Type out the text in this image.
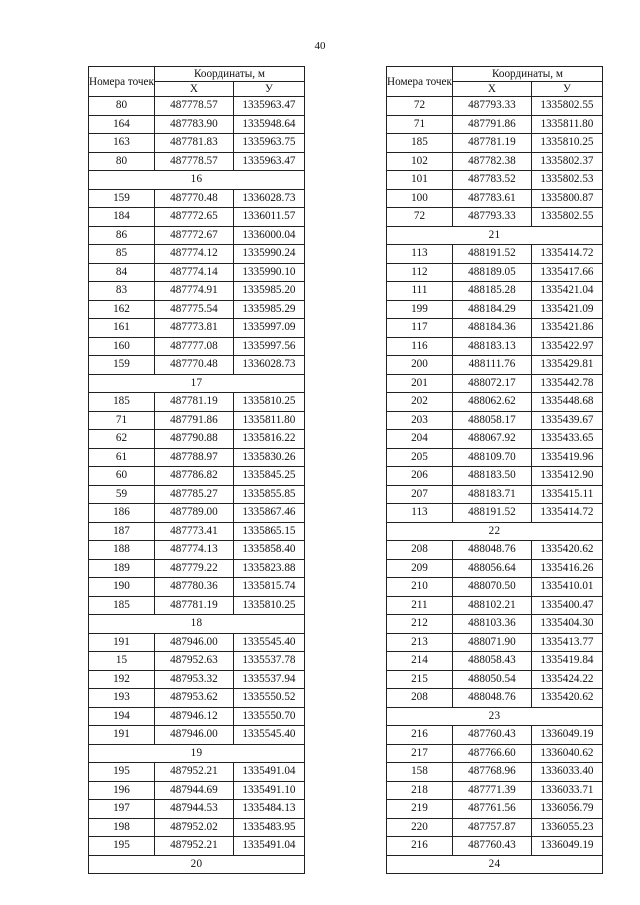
40
Номера точек	Координаты, м	
	Х	У
80	487778.57	1335963.47
164	487783.90	1335948.64
163	487781.83	1335963.75
80	487778.57	1335963.47
16		
159	487770.48	1336028.73
184	487772.65	1336011.57
86	487772.67	1336000.04
85	487774.12	1335990.24
84	487774.14	1335990.10
83	487774.91	1335985.20
162	487775.54	1335985.29
161	487773.81	1335997.09
160	487777.08	1335997.56
159	487770.48	1336028.73
17		
185	487781.19	1335810.25
71	487791.86	1335811.80
62	487790.88	1335816.22
61	487788.97	1335830.26
60	487786.82	1335845.25
59	487785.27	1335855.85
186	487789.00	1335867.46
187	487773.41	1335865.15
188	487774.13	1335858.40
189	487779.22	1335823.88
190	487780.36	1335815.74
185	487781.19	1335810.25
18		
191	487946.00	1335545.40
15	487952.63	1335537.78
192	487953.32	1335537.94
193	487953.62	1335550.52
194	487946.12	1335550.70
191	487946.00	1335545.40
19		
195	487952.21	1335491.04
196	487944.69	1335491.10
197	487944.53	1335484.13
198	487952.02	1335483.95
195	487952.21	1335491.04
20		
Номера точек	Координаты, м	
	Х	У
72	487793.33	1335802.55
71	487791.86	1335811.80
185	487781.19	1335810.25
102	487782.38	1335802.37
101	487783.52	1335802.53
100	487783.61	1335800.87
72	487793.33	1335802.55
21		
113	488191.52	1335414.72
112	488189.05	1335417.66
111	488185.28	1335421.04
199	488184.29	1335421.09
117	488184.36	1335421.86
116	488183.13	1335422.97
200	488111.76	1335429.81
201	488072.17	1335442.78
202	488062.62	1335448.68
203	488058.17	1335439.67
204	488067.92	1335433.65
205	488109.70	1335419.96
206	488183.50	1335412.90
207	488183.71	1335415.11
113	488191.52	1335414.72
22		
208	488048.76	1335420.62
209	488056.64	1335416.26
210	488070.50	1335410.01
211	488102.21	1335400.47
212	488103.36	1335404.30
213	488071.90	1335413.77
214	488058.43	1335419.84
215	488050.54	1335424.22
208	488048.76	1335420.62
23		
216	487760.43	1336049.19
217	487766.60	1336040.62
158	487768.96	1336033.40
218	487771.39	1336033.71
219	487761.56	1336056.79
220	487757.87	1336055.23
216	487760.43	1336049.19
24		
